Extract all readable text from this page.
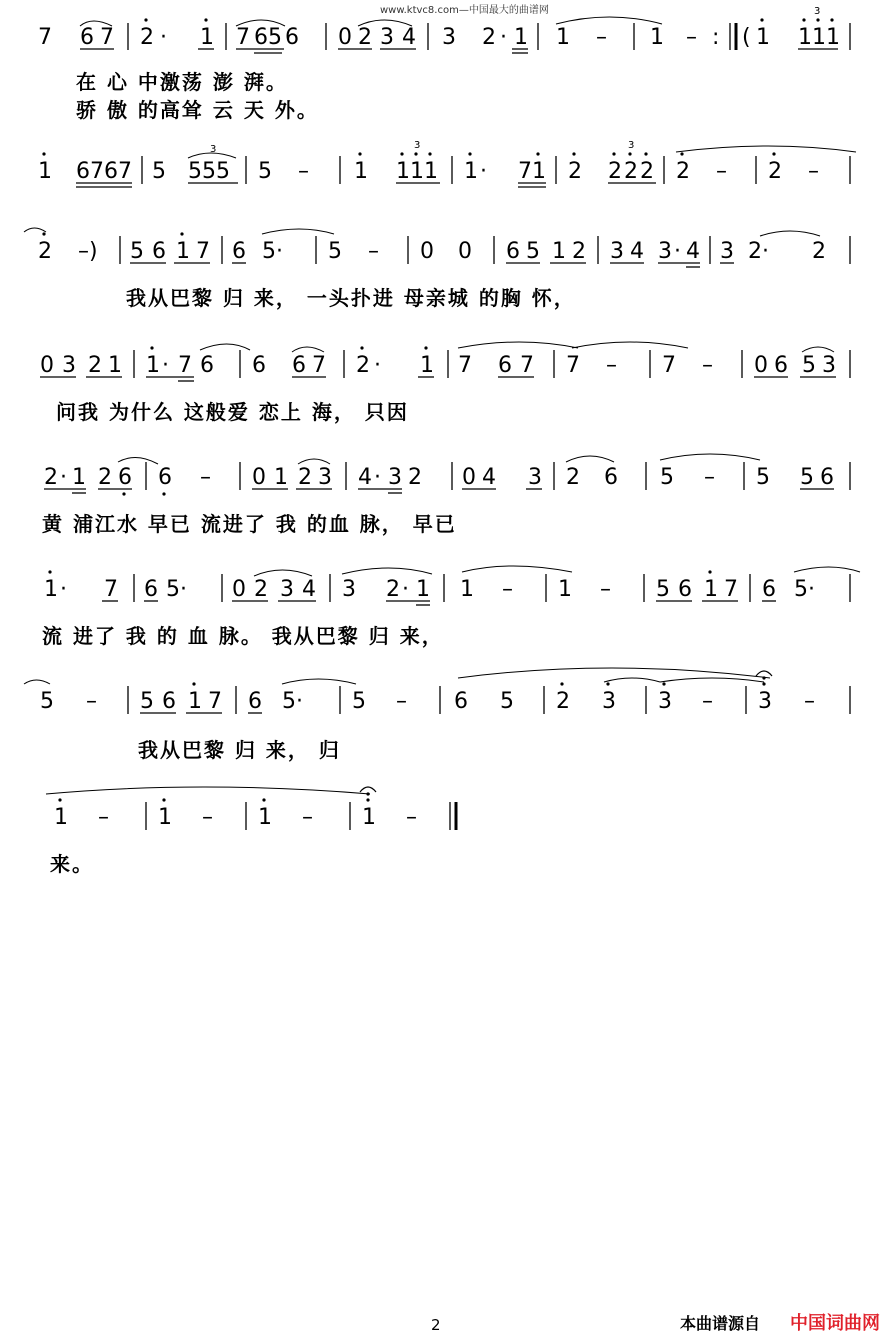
www.ktvc8.com—中国最大的曲谱网
7 6 7 2 · 1 7 65 6 0 2 3 4 3 2 · 1 1 – 1 – : ( 1 1 1 1
3
在 心 中激荡 澎 湃。
骄 傲 的高耸 云 天 外。
1 6767 5 555
3
5 – 1 1 1 1
3
1 · 7 1 2 2 2 2
3
2 – 2 –
2 –) 5 6 1 7 6 5· 5 – 0 0 6 5 1 2 3 4 3 · 4 3 2· 2
我从巴黎 归 来， 一头扑进 母亲城 的胸 怀，
0 3 2 1 1 · 7 6 6 6 7 2 · 1 7 6 7 7 – 7 – 0 6 5 3
问我 为什么 这般爱 恋上 海， 只因
2 · 1 2 6 6 – 0 1 2 3 4 · 3 2 0 4 3 2 6 5 – 5 5 6
黄 浦江水 早已 流进了 我 的血 脉， 早已
1 · 7 6 5· 0 2 3 4 3 2 · 1 1 – 1 – 5 6 1 7 6 5·
流 进了 我 的 血 脉。 我从巴黎 归 来，
5 – 5 6 1 7 6 5· 5 – 6 5 2 3 3 – 3 –
我从巴黎 归 来， 归
1 – 1 – 1 – 1 –
来。
2	本曲谱源自 中国词曲网
